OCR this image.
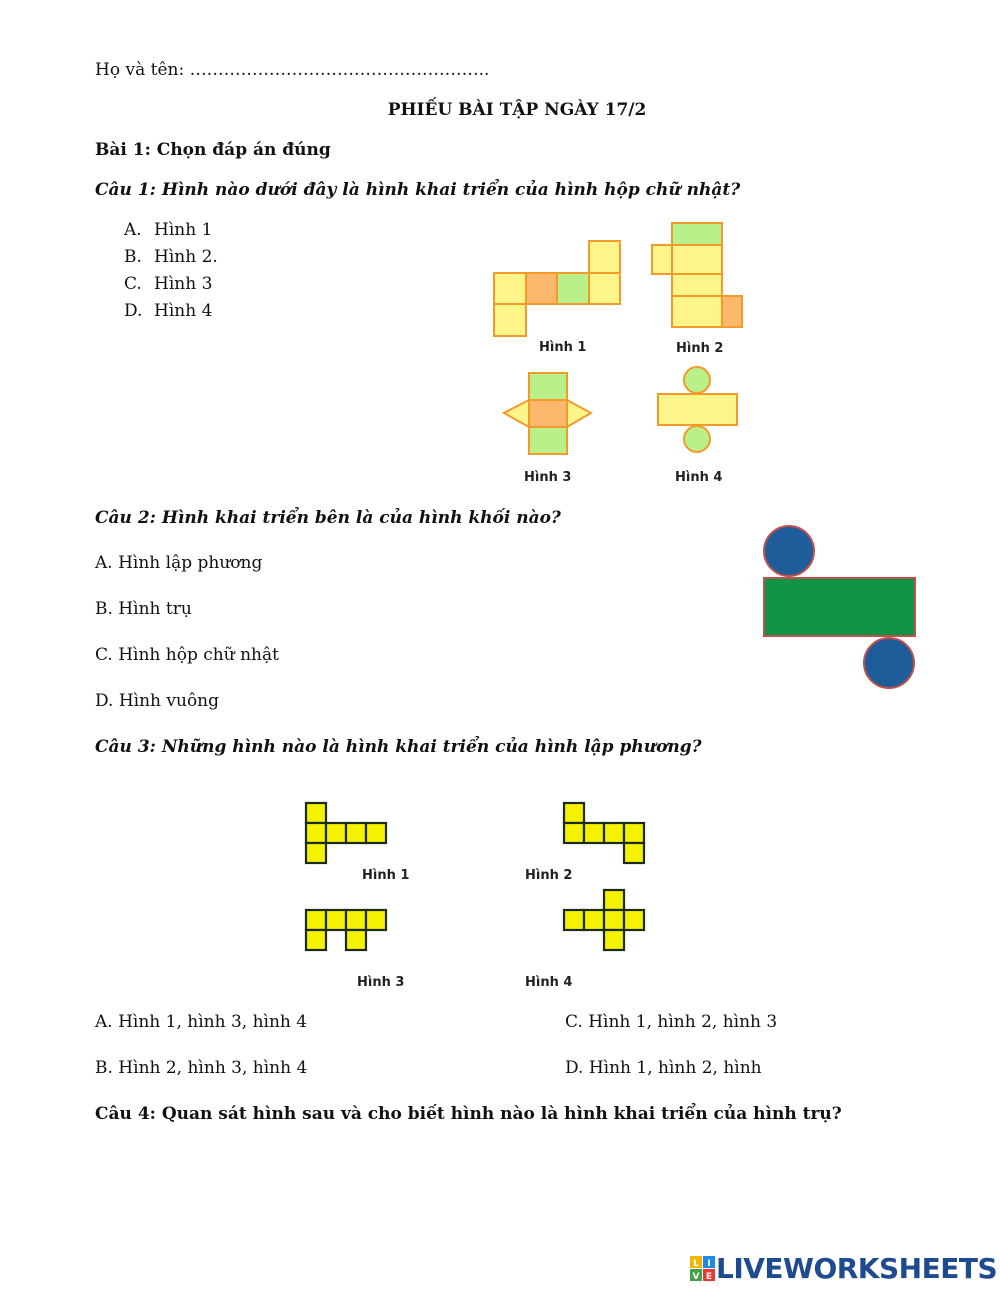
Họ và tên: ……………………………………………..
PHIẾU BÀI TẬP NGÀY 17/2
Bài 1: Chọn đáp án đúng
Câu 1: Hình nào dưới đây là hình khai triển của hình hộp chữ nhật?
A. Hình 1
B. Hình 2.
C. Hình 3
D. Hình 4
Hình 1	Hình 2
Hình 3	Hình 4
Câu 2: Hình khai triển bên là của hình khối nào?
A. Hình lập phương
B. Hình trụ
C. Hình hộp chữ nhật
D. Hình vuông
Câu 3: Những hình nào là hình khai triển của hình lập phương?
Hình 1	Hình 2
Hình 3	Hình 4
A. Hình 1, hình 3, hình 4	C. Hình 1, hình 2, hình 3
B. Hình 2, hình 3, hình 4	D. Hình 1, hình 2, hình
Câu 4: Quan sát hình sau và cho biết hình nào là hình khai triển của hình trụ?
L I
V E LIVEWORKSHEETS
